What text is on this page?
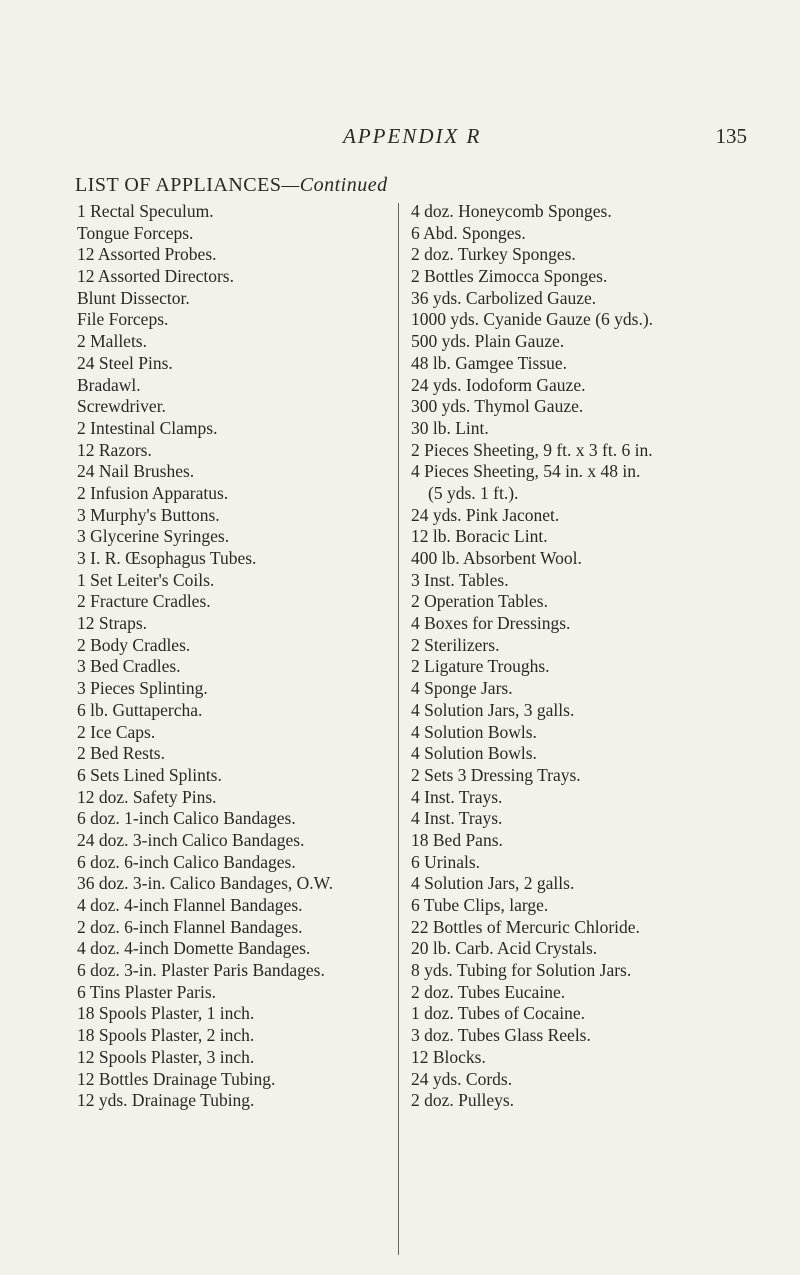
APPENDIX R	135
LIST OF APPLIANCES—Continued
1 Rectal Speculum.
Tongue Forceps.
12 Assorted Probes.
12 Assorted Directors.
Blunt Dissector.
File Forceps.
2 Mallets.
24 Steel Pins.
Bradawl.
Screwdriver.
2 Intestinal Clamps.
12 Razors.
24 Nail Brushes.
2 Infusion Apparatus.
3 Murphy's Buttons.
3 Glycerine Syringes.
3 I. R. Œsophagus Tubes.
1 Set Leiter's Coils.
2 Fracture Cradles.
12 Straps.
2 Body Cradles.
3 Bed Cradles.
3 Pieces Splinting.
6 lb. Guttapercha.
2 Ice Caps.
2 Bed Rests.
6 Sets Lined Splints.
12 doz. Safety Pins.
6 doz. 1-inch Calico Bandages.
24 doz. 3-inch Calico Bandages.
6 doz. 6-inch Calico Bandages.
36 doz. 3-in. Calico Bandages, O.W.
4 doz. 4-inch Flannel Bandages.
2 doz. 6-inch Flannel Bandages.
4 doz. 4-inch Domette Bandages.
6 doz. 3-in. Plaster Paris Bandages.
6 Tins Plaster Paris.
18 Spools Plaster, 1 inch.
18 Spools Plaster, 2 inch.
12 Spools Plaster, 3 inch.
12 Bottles Drainage Tubing.
12 yds. Drainage Tubing.
4 doz. Honeycomb Sponges.
6 Abd. Sponges.
2 doz. Turkey Sponges.
2 Bottles Zimocca Sponges.
36 yds. Carbolized Gauze.
1000 yds. Cyanide Gauze (6 yds.).
500 yds. Plain Gauze.
48 lb. Gamgee Tissue.
24 yds. Iodoform Gauze.
300 yds. Thymol Gauze.
30 lb. Lint.
2 Pieces Sheeting, 9 ft. x 3 ft. 6 in.
4 Pieces Sheeting, 54 in. x 48 in.
(5 yds. 1 ft.).
24 yds. Pink Jaconet.
12 lb. Boracic Lint.
400 lb. Absorbent Wool.
3 Inst. Tables.
2 Operation Tables.
4 Boxes for Dressings.
2 Sterilizers.
2 Ligature Troughs.
4 Sponge Jars.
4 Solution Jars, 3 galls.
4 Solution Bowls.
4 Solution Bowls.
2 Sets 3 Dressing Trays.
4 Inst. Trays.
4 Inst. Trays.
18 Bed Pans.
6 Urinals.
4 Solution Jars, 2 galls.
6 Tube Clips, large.
22 Bottles of Mercuric Chloride.
20 lb. Carb. Acid Crystals.
8 yds. Tubing for Solution Jars.
2 doz. Tubes Eucaine.
1 doz. Tubes of Cocaine.
3 doz. Tubes Glass Reels.
12 Blocks.
24 yds. Cords.
2 doz. Pulleys.
